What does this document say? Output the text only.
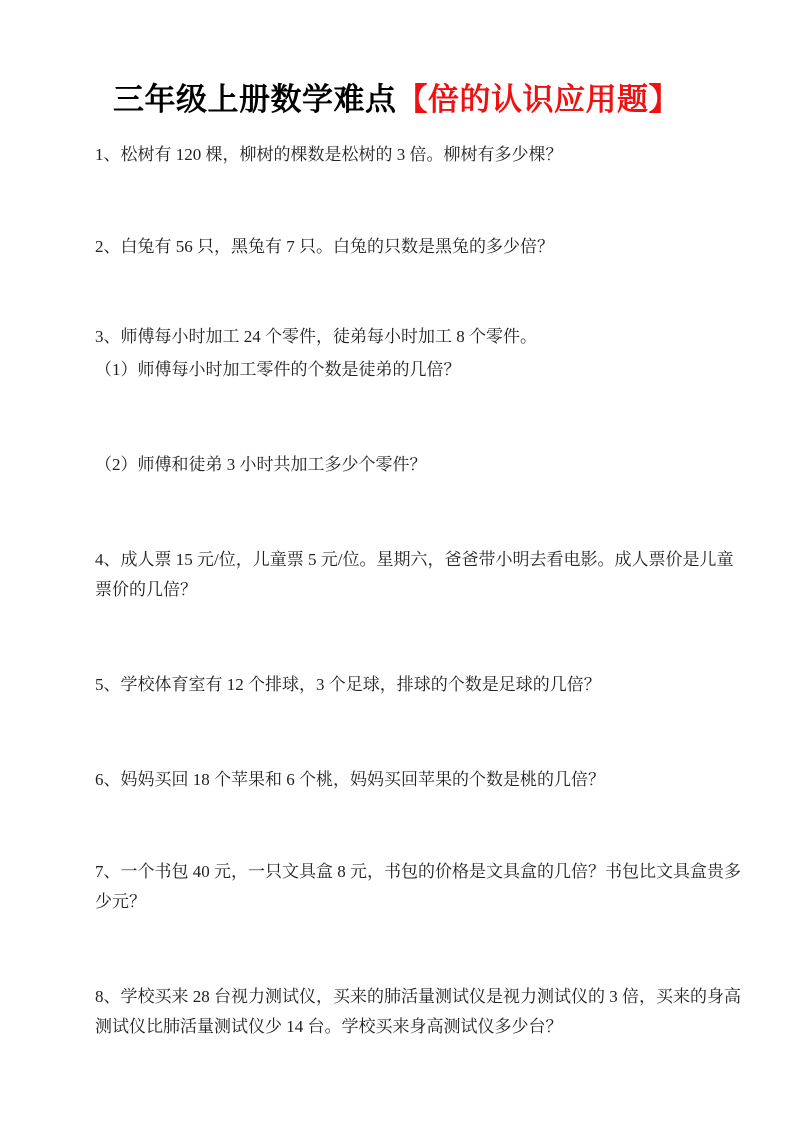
三年级上册数学难点【倍的认识应用题】
1、松树有 120 棵，柳树的棵数是松树的 3 倍。柳树有多少棵？
2、白兔有 56 只，黑兔有 7 只。白兔的只数是黑兔的多少倍？
3、师傅每小时加工 24 个零件，徒弟每小时加工 8 个零件。
（1）师傅每小时加工零件的个数是徒弟的几倍？
（2）师傅和徒弟 3 小时共加工多少个零件？
4、成人票 15 元/位，儿童票 5 元/位。星期六，爸爸带小明去看电影。成人票价是儿童
票价的几倍？
5、学校体育室有 12 个排球，3 个足球，排球的个数是足球的几倍？
6、妈妈买回 18 个苹果和 6 个桃，妈妈买回苹果的个数是桃的几倍？
7、一个书包 40 元，一只文具盒 8 元，书包的价格是文具盒的几倍？书包比文具盒贵多
少元？
8、学校买来 28 台视力测试仪，买来的肺活量测试仪是视力测试仪的 3 倍，买来的身高
测试仪比肺活量测试仪少 14 台。学校买来身高测试仪多少台？
